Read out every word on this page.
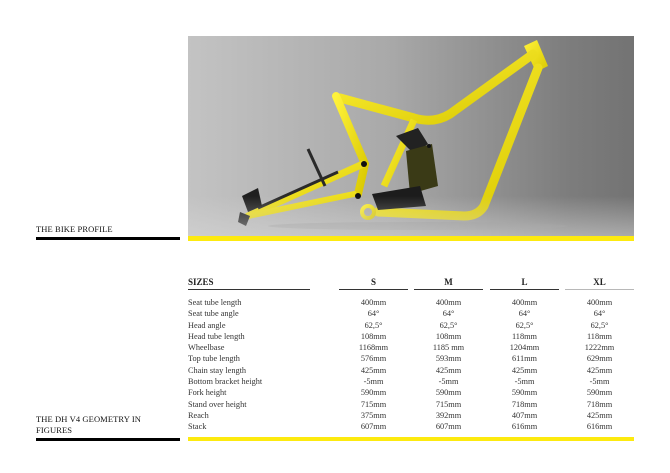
THE BIKE PROFILE
THE DH V4 GEOMETRY IN
FIGURES
SIZES	S	M	L	XL
Seat tube length	400mm	400mm	400mm	400mm
Seat tube angle	64°	64°	64°	64°
Head angle	62,5°	62,5°	62,5°	62,5°
Head tube length	108mm	108mm	118mm	118mm
Wheelbase	1168mm	1185 mm	1204mm	1222mm
Top tube length	576mm	593mm	611mm	629mm
Chain stay length	425mm	425mm	425mm	425mm
Bottom bracket height	-5mm	-5mm	-5mm	-5mm
Fork height	590mm	590mm	590mm	590mm
Stand over height	715mm	715mm	718mm	718mm
Reach	375mm	392mm	407mm	425mm
Stack	607mm	607mm	616mm	616mm
